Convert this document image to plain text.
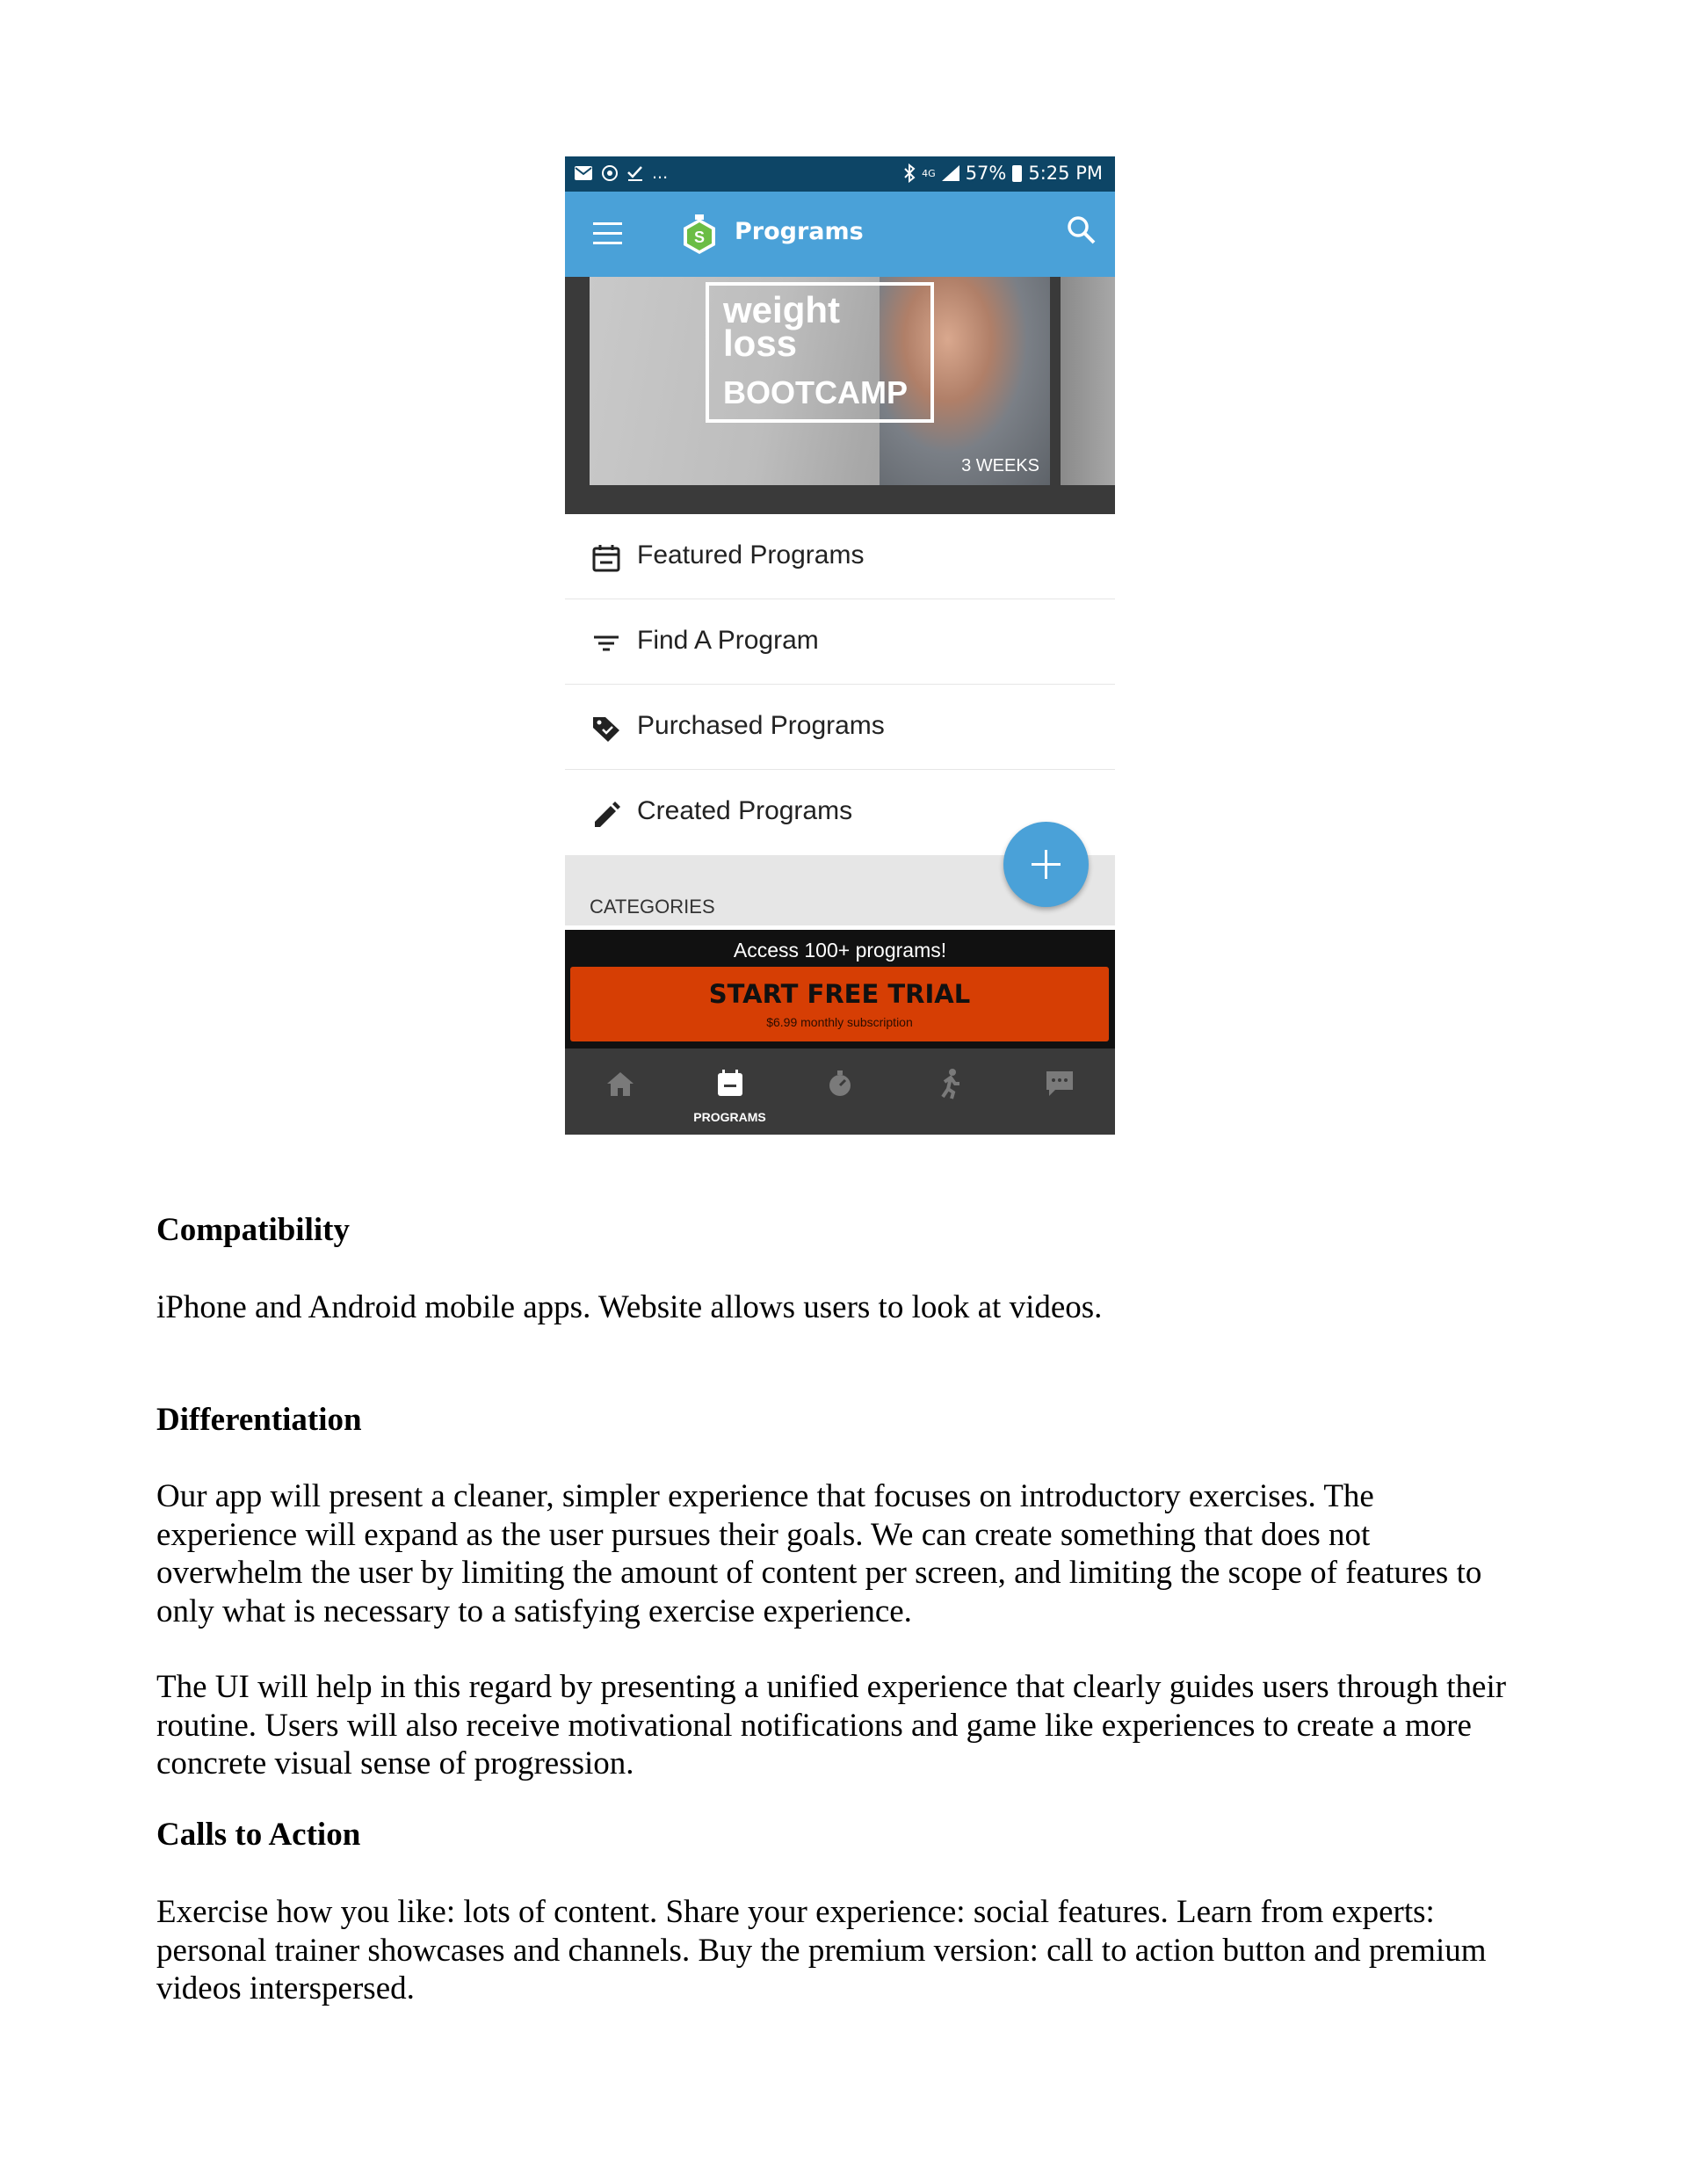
...	4G 57% 5:25 PM
S Programs
weight
loss
BOOTCAMP
3 WEEKS
Featured Programs
Find A Program
Purchased Programs
Created Programs
CATEGORIES
Access 100+ programs!
START FREE TRIAL
$6.99 monthly subscription
PROGRAMS
Compatibility
iPhone and Android mobile apps. Website allows users to look at videos.
Differentiation
Our app will present a cleaner, simpler experience that focuses on introductory exercises. The
experience will expand as the user pursues their goals. We can create something that does not
overwhelm the user by limiting the amount of content per screen, and limiting the scope of features to
only what is necessary to a satisfying exercise experience.
The UI will help in this regard by presenting a unified experience that clearly guides users through their
routine. Users will also receive motivational notifications and game like experiences to create a more
concrete visual sense of progression.
Calls to Action
Exercise how you like: lots of content. Share your experience: social features. Learn from experts:
personal trainer showcases and channels. Buy the premium version: call to action button and premium
videos interspersed.
